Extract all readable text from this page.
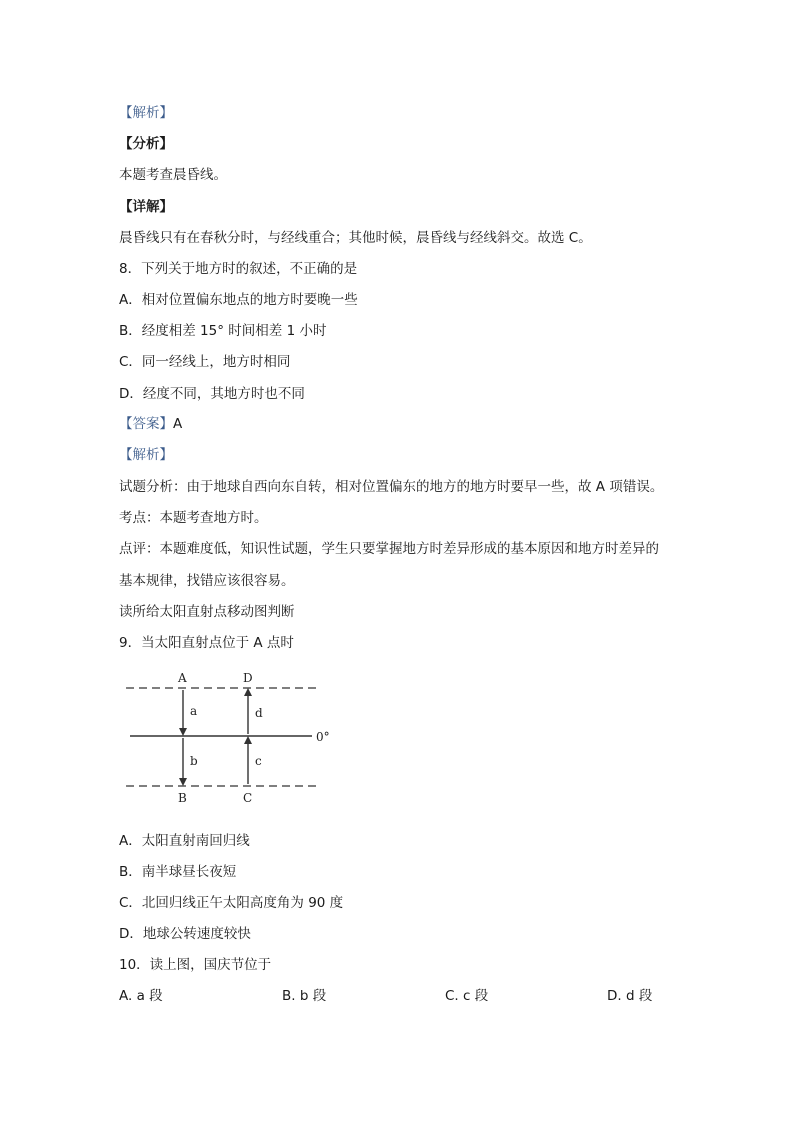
【解析】
【分析】
本题考查晨昏线。
【详解】
晨昏线只有在春秋分时，与经线重合；其他时候，晨昏线与经线斜交。故选 C。
8．下列关于地方时的叙述，不正确的是
A．相对位置偏东地点的地方时要晚一些
B．经度相差 15° 时间相差 1 小时
C．同一经线上，地方时相同
D．经度不同，其地方时也不同
【答案】A
【解析】
试题分析：由于地球自西向东自转，相对位置偏东的地方的地方时要早一些，故 A 项错误。
考点：本题考查地方时。
点评：本题难度低，知识性试题，学生只要掌握地方时差异形成的基本原因和地方时差异的
基本规律，找错应该很容易。
读所给太阳直射点移动图判断
9．当太阳直射点位于 A 点时
A	D
B	C
a
b	c
d
0°
A．太阳直射南回归线
B．南半球昼长夜短
C．北回归线正午太阳高度角为 90 度
D．地球公转速度较快
10．读上图，国庆节位于
A. a 段	B. b 段	C. c 段	D. d 段
